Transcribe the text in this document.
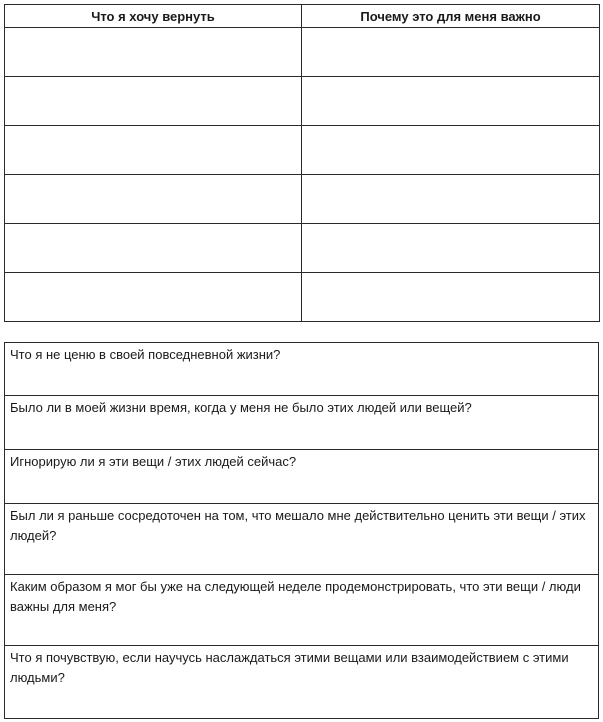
Что я хочу вернуть	Почему это для меня важно

Что я не ценю в своей повседневной жизни?

Было ли в моей жизни время, когда у меня не было этих людей или вещей?

Игнорирую ли я эти вещи / этих людей сейчас?

Был ли я раньше сосредоточен на том, что мешало мне действительно ценить эти вещи / этих людей?

Каким образом я мог бы уже на следующей неделе продемонстрировать, что эти вещи / люди важны для меня?

Что я почувствую, если научусь наслаждаться этими вещами или взаимодействием с этими людьми?
